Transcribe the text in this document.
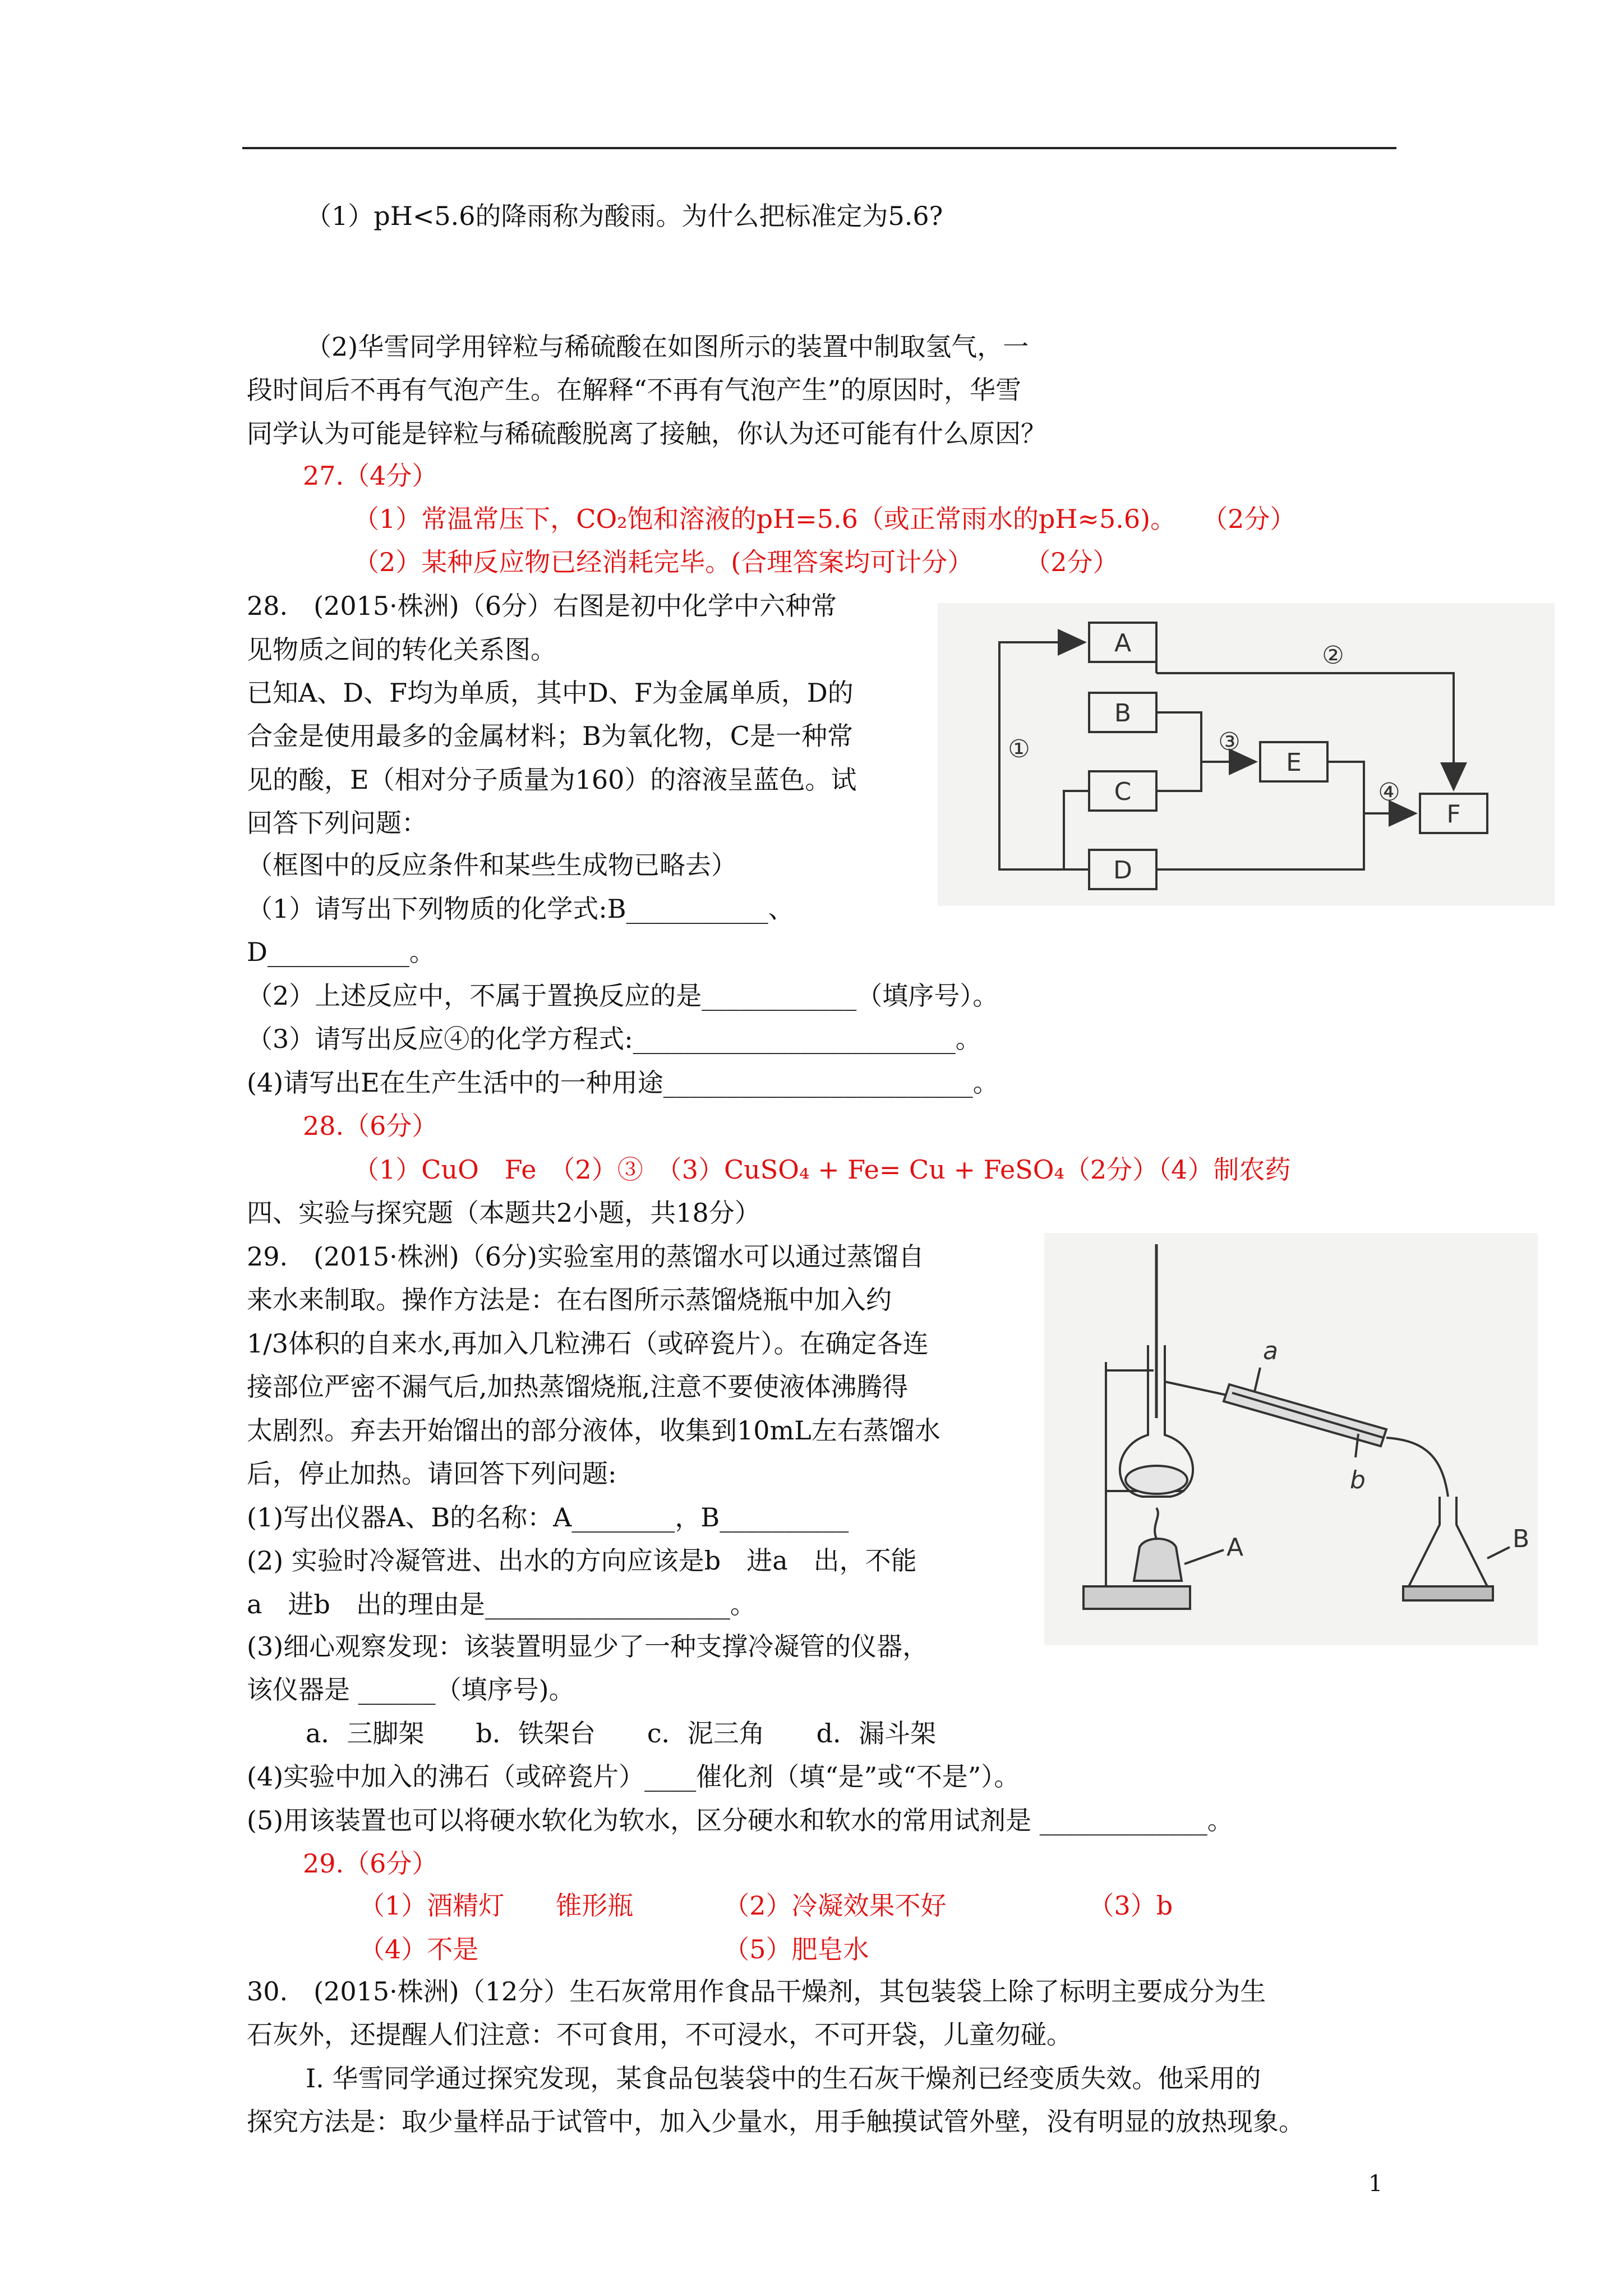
（1）pH<5.6的降雨称为酸雨。为什么把标准定为5.6?
（2)华雪同学用锌粒与稀硫酸在如图所示的装置中制取氢气，一
段时间后不再有气泡产生。在解释“不再有气泡产生”的原因时，华雪
同学认为可能是锌粒与稀硫酸脱离了接触，你认为还可能有什么原因？
27.（4分）
（1）常温常压下，CO₂饱和溶液的pH=5.6（或正常雨水的pH≈5.6)。　　（2分）
（2）某种反应物已经消耗完毕。(合理答案均可计分）　　　（2分）
28.　(2015·株洲)（6分）右图是初中化学中六种常
见物质之间的转化关系图。
已知A、D、F均为单质，其中D、F为金属单质，D的
合金是使用最多的金属材料；B为氧化物，C是一种常
见的酸，E（相对分子质量为160）的溶液呈蓝色。试
回答下列问题：
（框图中的反应条件和某些生成物已略去）
（1）请写出下列物质的化学式:B___________、
D___________。
（2）上述反应中，不属于置换反应的是____________（填序号）。
（3）请写出反应④的化学方程式:_________________________。
(4)请写出E在生产生活中的一种用途________________________。
28.（6分）
（1）CuO　Fe　（2）③　（3）CuSO₄ + Fe= Cu + FeSO₄（2分）（4）制农药
A
B
C
D
E
F
①
②
③
④
四、实验与探究题（本题共2小题，共18分）
29.　(2015·株洲)（6分)实验室用的蒸馏水可以通过蒸馏自
来水来制取。操作方法是：在右图所示蒸馏烧瓶中加入约
1/3体积的自来水,再加入几粒沸石（或碎瓷片）。在确定各连
接部位严密不漏气后,加热蒸馏烧瓶,注意不要使液体沸腾得
太剧烈。弃去开始馏出的部分液体，收集到10mL左右蒸馏水
后，停止加热。请回答下列问题:
(1)写出仪器A、B的名称：A________，B__________
(2) 实验时冷凝管进、出水的方向应该是b　进a　出，不能
a　进b　出的理由是___________________。
(3)细心观察发现：该装置明显少了一种支撑冷凝管的仪器，
该仪器是 ______（填序号)。
a．三脚架　　b．铁架台　　c．泥三角　　d．漏斗架
(4)实验中加入的沸石（或碎瓷片）____催化剂（填“是”或“不是”）。
(5)用该装置也可以将硬水软化为软水，区分硬水和软水的常用试剂是 _____________。
29.（6分）
（1）酒精灯　　锥形瓶　　　　（2）冷凝效果不好　　　　　　（3）b
（4）不是　　　　　　　　　　（5）肥皂水
a
b
A	B
30.　(2015·株洲)（12分）生石灰常用作食品干燥剂，其包装袋上除了标明主要成分为生
石灰外，还提醒人们注意：不可食用，不可浸水，不可开袋，儿童勿碰。
Ⅰ. 华雪同学通过探究发现，某食品包装袋中的生石灰干燥剂已经变质失效。他采用的
探究方法是：取少量样品于试管中，加入少量水，用手触摸试管外壁，没有明显的放热现象。
1
